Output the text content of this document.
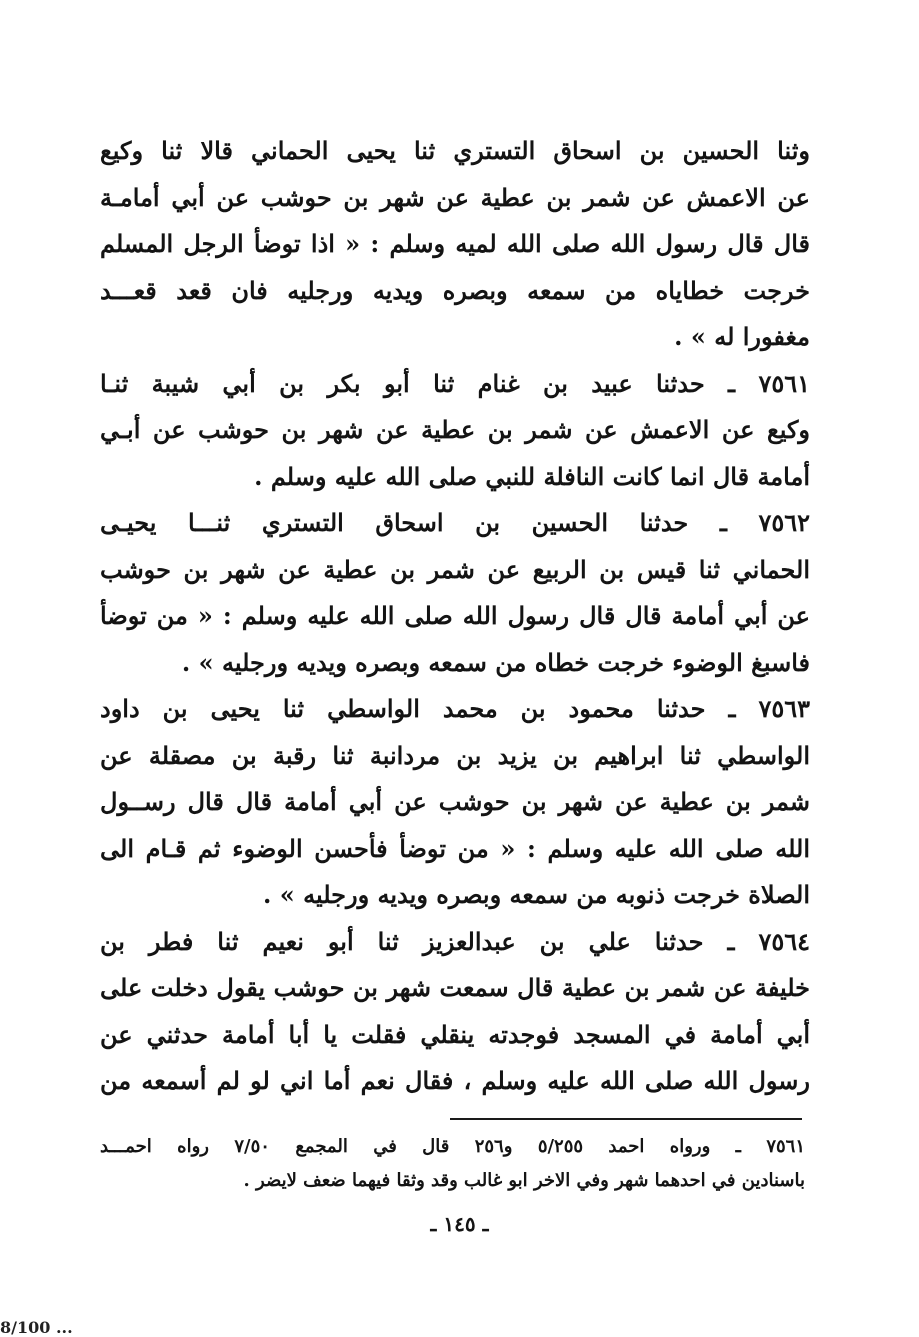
وثنا الحسين بن اسحاق التستري ثنا يحيى الحماني قالا ثنا وكيع
عن الاعمش عن شمر بن عطية عن شهر بن حوشب عن أبي أمامـة
قال قال رسول الله صلى الله لميه وسلم : « اذا توضأ الرجل المسلم
خرجت خطاياه من سمعه وبصره ويديه ورجليه فان قعد قعـــد
مغفورا له » .
٧٥٦١ ـ حدثنا عبيد بن غنام ثنا أبو بكر بن أبي شيبة ثنـا
وكيع عن الاعمش عن شمر بن عطية عن شهر بن حوشب عن أبـي
أمامة قال انما كانت النافلة للنبي صلى الله عليه وسلم .
٧٥٦٢ ـ حدثنا الحسين بن اسحاق التستري ثنـــا يحيـى
الحماني ثنا قيس بن الربيع عن شمر بن عطية عن شهر بن حوشب
عن أبي أمامة قال قال رسول الله صلى الله عليه وسلم : « من توضأ
فاسبغ الوضوء خرجت خطاه من سمعه وبصره ويديه ورجليه » .
٧٥٦٣ ـ حدثنا محمود بن محمد الواسطي ثنا يحيى بن داود
الواسطي ثنا ابراهيم بن يزيد بن مردانبة ثنا رقبة بن مصقلة عن
شمر بن عطية عن شهر بن حوشب عن أبي أمامة قال قال رســول
الله صلى الله عليه وسلم : « من توضأ فأحسن الوضوء ثم قـام الى
الصلاة خرجت ذنوبه من سمعه وبصره ويديه ورجليه » .
٧٥٦٤ ـ حدثنا علي بن عبدالعزيز ثنا أبو نعيم ثنا فطر بن
خليفة عن شمر بن عطية قال سمعت شهر بن حوشب يقول دخلت على
أبي أمامة في المسجد فوجدته ينقلي فقلت يا أبا أمامة حدثني عن
رسول الله صلى الله عليه وسلم ، فقال نعم أما اني لو لم أسمعه من
٧٥٦١ ـ ورواه احمد ٥/٢٥٥ و٢٥٦ قال في المجمع ٧/٥٠ رواه احمـــد
باسنادين في احدهما شهر وفي الاخر ابو غالب وقد وثقا فيهما ضعف لايضر .
ـ ١٤٥ ـ
8/100 ...
